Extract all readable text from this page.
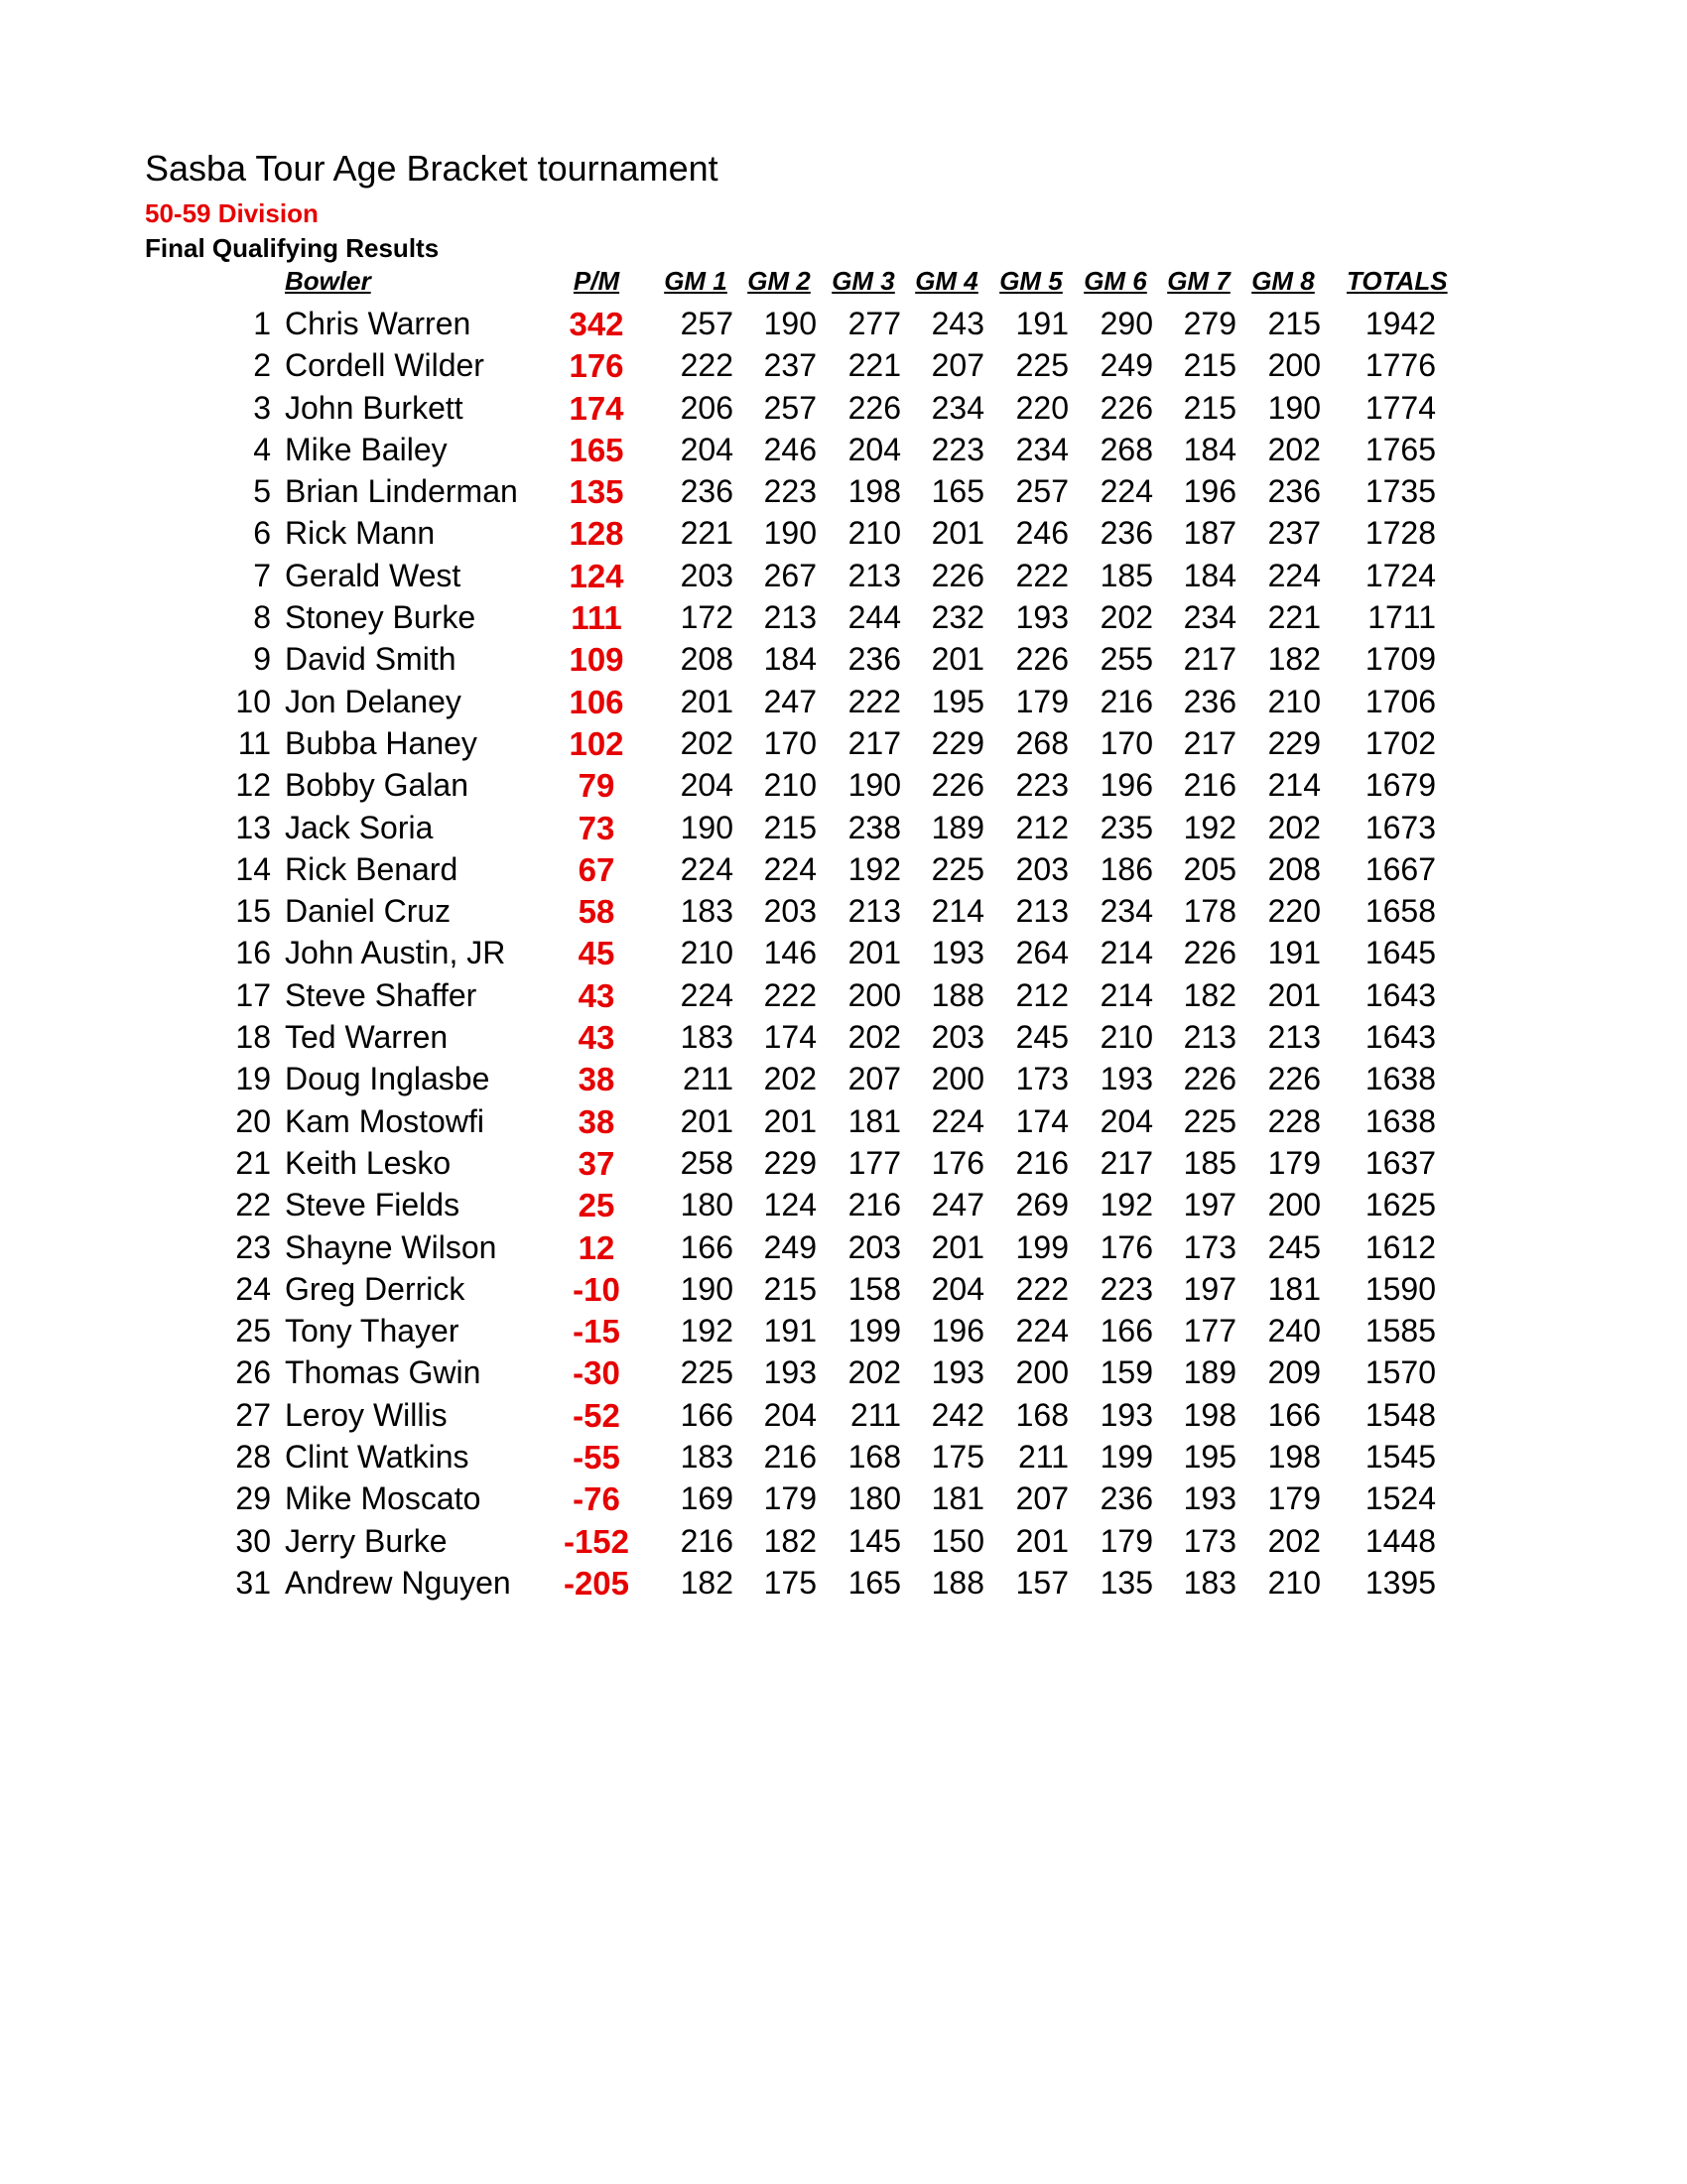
Sasba Tour Age Bracket tournament
50-59 Division
Final Qualifying Results
Bowler	P/M	GM 1 GM 2 GM 3 GM 4 GM 5 GM 6 GM 7 GM 8	TOTALS
1 Chris Warren	342	257 190 277 243 191 290 279 215 1942
2 Cordell Wilder	176	222 237 221 207 225 249 215 200 1776
3 John Burkett	174	206 257 226 234 220 226 215 190 1774
4 Mike Bailey	165	204 246 204 223 234 268 184 202 1765
5 Brian Linderman	135	236 223 198 165 257 224 196 236 1735
6 Rick Mann	128	221 190 210 201 246 236 187 237 1728
7 Gerald West	124	203 267 213 226 222 185 184 224 1724
8 Stoney Burke	111	172 213 244 232 193 202 234 221	1711
9 David Smith	109	208 184 236 201 226 255 217 182 1709
10 Jon Delaney	106	201 247 222 195 179 216 236 210 1706
11 Bubba Haney	102	202 170 217 229 268 170 217 229 1702
12 Bobby Galan	79	204 210 190 226 223 196 216 214 1679
13 Jack Soria	73	190 215 238 189 212 235 192 202 1673
14 Rick Benard	67	224 224 192 225 203 186 205 208 1667
15 Daniel Cruz	58	183 203 213 214 213 234 178 220 1658
16 John Austin, JR	45	210 146 201 193 264 214 226 191 1645
17 Steve Shaffer	43	224 222 200 188 212 214 182 201 1643
18 Ted Warren	43	183 174 202 203 245 210 213 213 1643
19 Doug Inglasbe	38	211 202 207 200 173 193 226 226 1638
20 Kam Mostowfi	38	201 201 181 224 174 204 225 228 1638
21 Keith Lesko	37	258 229 177 176 216 217 185 179 1637
22 Steve Fields	25	180 124 216 247 269 192 197 200 1625
23 Shayne Wilson	12	166 249 203 201 199 176 173 245 1612
24 Greg Derrick	-10	190 215 158 204 222 223 197 181 1590
25 Tony Thayer	-15	192 191 199 196 224 166 177 240 1585
26 Thomas Gwin	-30	225 193 202 193 200 159 189 209 1570
27 Leroy Willis	-52	166 204	211 242 168 193 198 166 1548
28 Clint Watkins	-55	183 216 168 175	211 199 195 198 1545
29 Mike Moscato	-76	169 179 180 181 207 236 193 179 1524
30 Jerry Burke	-152	216 182 145 150 201 179 173 202 1448
31 Andrew Nguyen -205	182 175 165 188 157 135 183 210 1395
